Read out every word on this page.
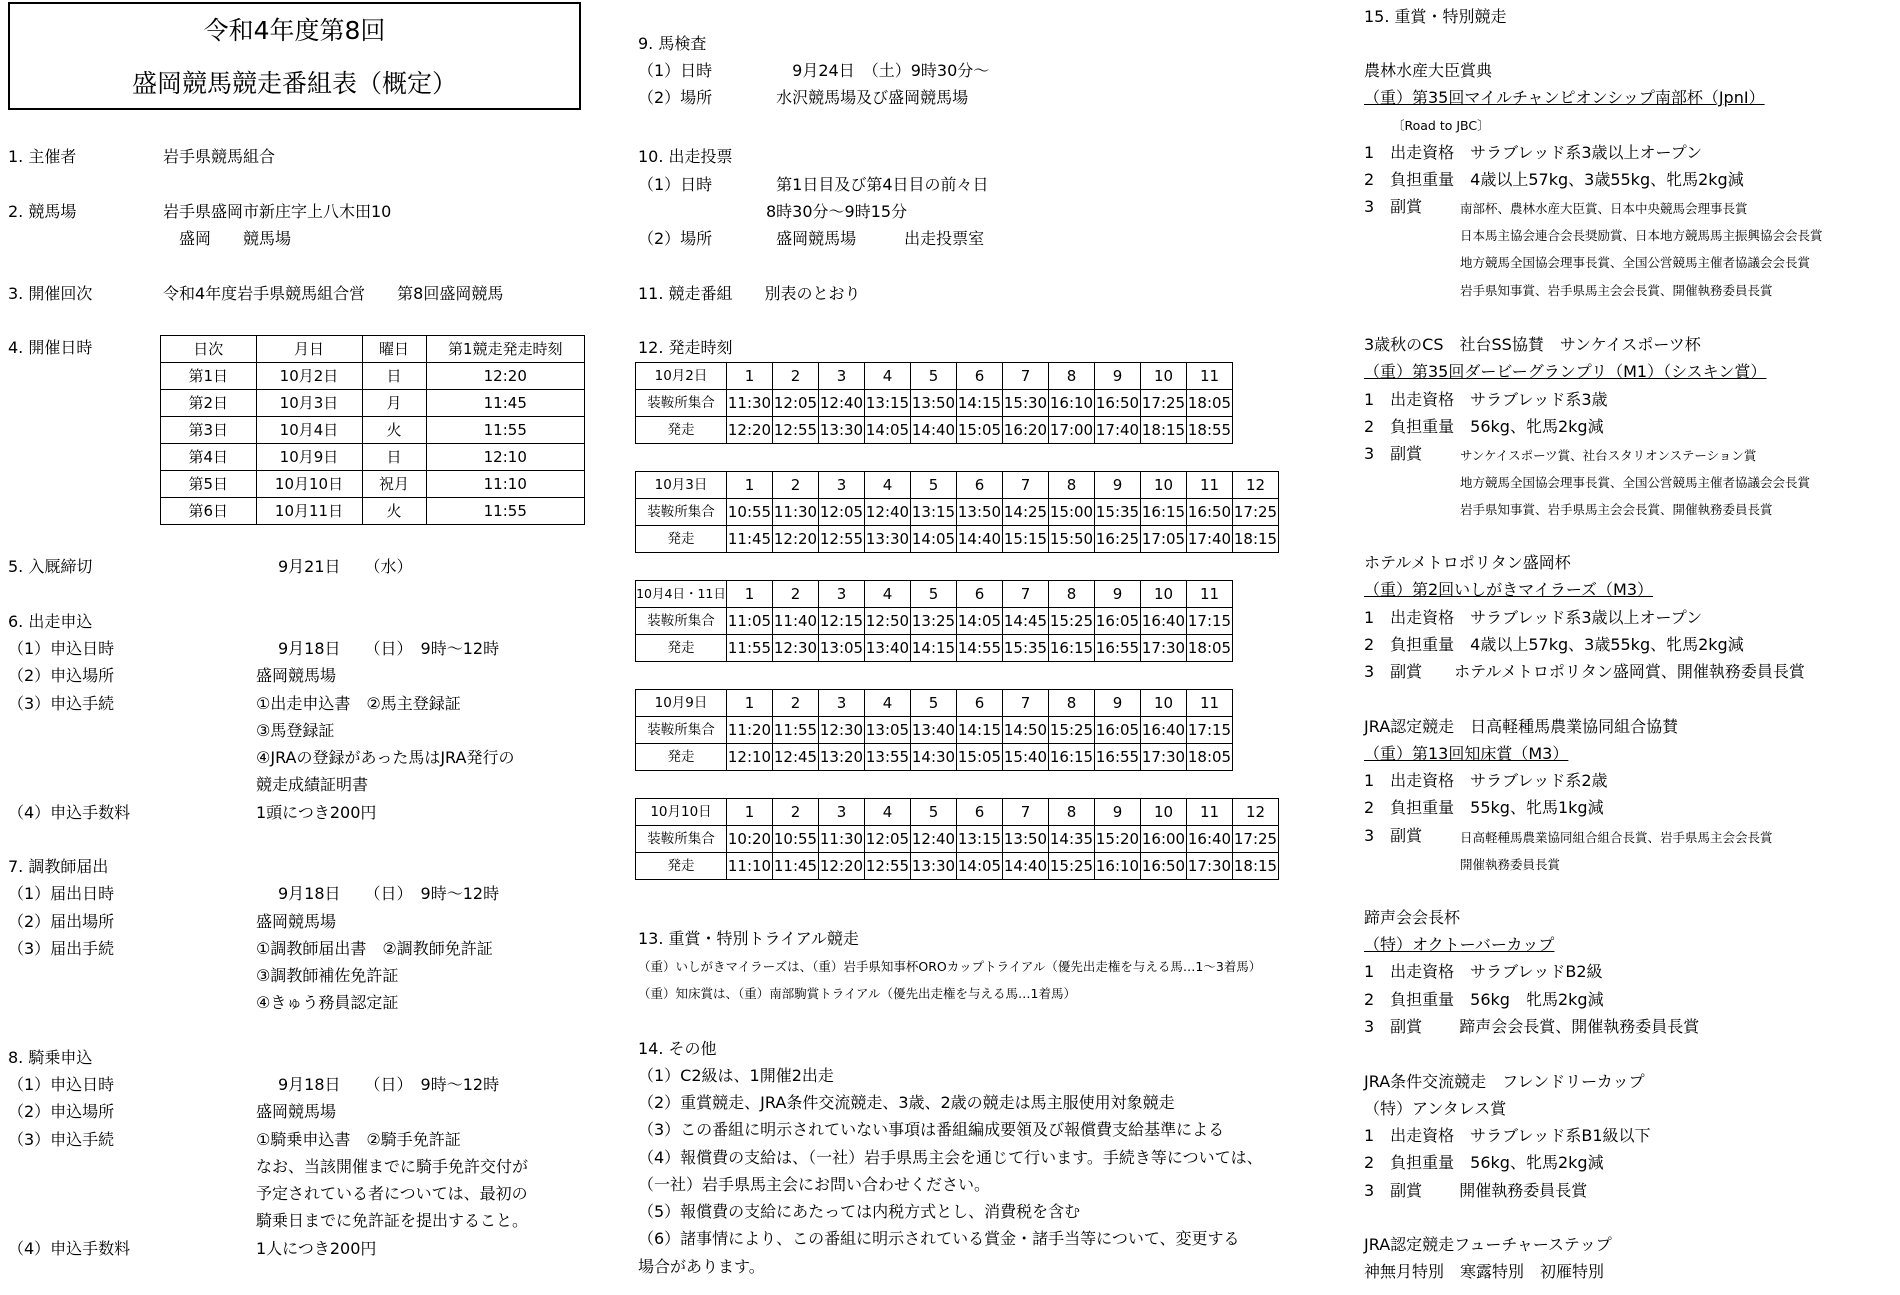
令和4年度第8回
盛岡競馬競走番組表（概定）
1. 主催者	岩手県競馬組合
2. 競馬場	岩手県盛岡市新庄字上八木田10
　盛岡　　競馬場
3. 開催回次	令和4年度岩手県競馬組合営　　第8回盛岡競馬
4. 開催日時
5. 入厩締切	9月21日　　（水）
6. 出走申込
（1）申込日時	9月18日　　（日）　9時～12時
（2）申込場所	盛岡競馬場
（3）申込手続	①出走申込書　②馬主登録証
③馬登録証
④JRAの登録があった馬はJRA発行の
競走成績証明書
（4）申込手数料	1頭につき200円
7. 調教師届出
（1）届出日時	9月18日　　（日）　9時～12時
（2）届出場所	盛岡競馬場
（3）届出手続	①調教師届出書　②調教師免許証
③調教師補佐免許証
④きゅう務員認定証
8. 騎乗申込
（1）申込日時	9月18日　　（日）　9時～12時
（2）申込場所	盛岡競馬場
（3）申込手続	①騎乗申込書　②騎手免許証
なお、当該開催までに騎手免許交付が
予定されている者については、最初の
騎乗日までに免許証を提出すること。
（4）申込手数料	1人につき200円
9. 馬検査
（1）日時　　　　　9月24日　（土）9時30分～
（2）場所　　　　水沢競馬場及び盛岡競馬場
10. 出走投票
（1）日時　　　　第1日目及び第4日目の前々日
　　　　　　　　8時30分～9時15分
（2）場所　　　　盛岡競馬場　　　出走投票室
11. 競走番組　　別表のとおり
12. 発走時刻
13. 重賞・特別トライアル競走
（重）いしがきマイラーズは、（重）岩手県知事杯OROカップトライアル（優先出走権を与える馬…1～3着馬）
（重）知床賞は、（重）南部駒賞トライアル（優先出走権を与える馬…1着馬）
14. その他
（1）C2級は、1開催2出走
（2）重賞競走、JRA条件交流競走、3歳、2歳の競走は馬主服使用対象競走
（3）この番組に明示されていない事項は番組編成要領及び報償費支給基準による
（4）報償費の支給は、（一社）岩手県馬主会を通じて行います。手続き等については、
（一社）岩手県馬主会にお問い合わせください。
（5）報償費の支給にあたっては内税方式とし、消費税を含む
（6）諸事情により、この番組に明示されている賞金・諸手当等について、変更する
場合があります。
15. 重賞・特別競走
農林水産大臣賞典
（重）第35回マイルチャンピオンシップ南部杯（JpnⅠ）
〔Road to JBC〕
1　出走資格　サラブレッド系3歳以上オープン
2　負担重量　4歳以上57kg、3歳55kg、牝馬2kg減
3　副賞	南部杯、農林水産大臣賞、日本中央競馬会理事長賞
日本馬主協会連合会長奨励賞、日本地方競馬馬主振興協会会長賞
地方競馬全国協会理事長賞、全国公営競馬主催者協議会会長賞
岩手県知事賞、岩手県馬主会会長賞、開催執務委員長賞
3歳秋のCS　社台SS協賛　サンケイスポーツ杯
（重）第35回ダービーグランプリ（M1）（シスキン賞）
1　出走資格　サラブレッド系3歳
2　負担重量　56kg、牝馬2kg減
3　副賞	サンケイスポーツ賞、社台スタリオンステーション賞
地方競馬全国協会理事長賞、全国公営競馬主催者協議会会長賞
岩手県知事賞、岩手県馬主会会長賞、開催執務委員長賞
ホテルメトロポリタン盛岡杯
（重）第2回いしがきマイラーズ（M3）
1　出走資格　サラブレッド系3歳以上オープン
2　負担重量　4歳以上57kg、3歳55kg、牝馬2kg減
3　副賞　　ホテルメトロポリタン盛岡賞、開催執務委員長賞
JRA認定競走　日高軽種馬農業協同組合協賛
（重）第13回知床賞（M3）
1　出走資格　サラブレッド系2歳
2　負担重量　55kg、牝馬1kg減
3　副賞	日高軽種馬農業協同組合組合長賞、岩手県馬主会会長賞
開催執務委員長賞
蹄声会会長杯
（特）オクトーバーカップ
1　出走資格　サラブレッドB2級
2　負担重量　56kg　牝馬2kg減
3　副賞　　 蹄声会会長賞、開催執務委員長賞
JRA条件交流競走　フレンドリーカップ
（特）アンタレス賞
1　出走資格　サラブレッド系B1級以下
2　負担重量　56kg、牝馬2kg減
3　副賞　　 開催執務委員長賞
JRA認定競走フューチャーステップ
神無月特別　寒露特別　初雁特別
日次	月日	曜日	第1競走発走時刻
第1日	10月2日	日	12:20
第2日	10月3日	月	11:45
第3日	10月4日	火	11:55
第4日	10月9日	日	12:10
第5日	10月10日	祝月	11:10
第6日	10月11日	火	11:55
10月2日	1	2	3	4	5	6	7	8	9	10	11
装鞍所集合	11:30	12:05	12:40	13:15	13:50	14:15	15:30	16:10	16:50	17:25	18:05
発走	12:20	12:55	13:30	14:05	14:40	15:05	16:20	17:00	17:40	18:15	18:55
10月3日	1	2	3	4	5	6	7	8	9	10	11	12
装鞍所集合	10:55	11:30	12:05	12:40	13:15	13:50	14:25	15:00	15:35	16:15	16:50	17:25
発走	11:45	12:20	12:55	13:30	14:05	14:40	15:15	15:50	16:25	17:05	17:40	18:15
10月4日・11日	1	2	3	4	5	6	7	8	9	10	11
装鞍所集合	11:05	11:40	12:15	12:50	13:25	14:05	14:45	15:25	16:05	16:40	17:15
発走	11:55	12:30	13:05	13:40	14:15	14:55	15:35	16:15	16:55	17:30	18:05
10月9日	1	2	3	4	5	6	7	8	9	10	11
装鞍所集合	11:20	11:55	12:30	13:05	13:40	14:15	14:50	15:25	16:05	16:40	17:15
発走	12:10	12:45	13:20	13:55	14:30	15:05	15:40	16:15	16:55	17:30	18:05
10月10日	1	2	3	4	5	6	7	8	9	10	11	12
装鞍所集合	10:20	10:55	11:30	12:05	12:40	13:15	13:50	14:35	15:20	16:00	16:40	17:25
発走	11:10	11:45	12:20	12:55	13:30	14:05	14:40	15:25	16:10	16:50	17:30	18:15
